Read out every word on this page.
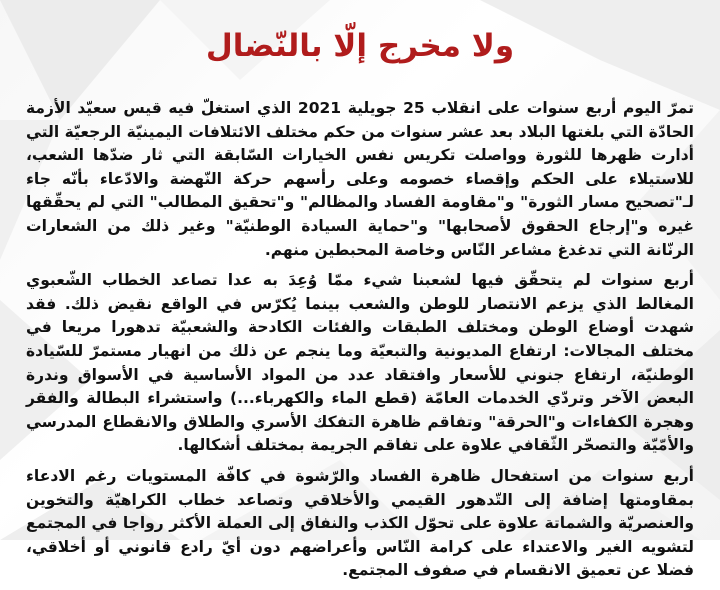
ولا مخرج إلّا بالنّضال

تمرّ اليوم أربع سنوات على انقلاب 25 جويلية 2021 الذي استغلّ فيه قيس سعيّد الأزمة الحادّة التي بلغتها البلاد بعد عشر سنوات من حكم مختلف الائتلافات اليمينيّة الرجعيّة التي أدارت ظهرها للثورة وواصلت تكريس نفس الخيارات السّابقة التي ثار ضدّها الشعب، للاستيلاء على الحكم وإقصاء خصومه وعلى رأسهم حركة النّهضة والادّعاء بأنّه جاء لـ"تصحيح مسار الثورة" و"مقاومة الفساد والمظالم" و"تحقيق المطالب" التي لم يحقّقها غيره و"إرجاع الحقوق لأصحابها" و"حماية السيادة الوطنيّة" وغير ذلك من الشعارات الرنّانة التي تدغدغ مشاعر النّاس وخاصة المحبطين منهم.

أربع سنوات لم يتحقّق فيها لشعبنا شيء ممّا وُعِدَ به عدا تصاعد الخطاب الشّعبوي المغالط الذي يزعم الانتصار للوطن والشعب بينما يُكرّس في الواقع نقيض ذلك. فقد شهدت أوضاع الوطن ومختلف الطبقات والفئات الكادحة والشعبيّة تدهورا مريعا في مختلف المجالات: ارتفاع المديونية والتبعيّة وما ينجم عن ذلك من انهيار مستمرّ للسّيادة الوطنيّة، ارتفاع جنوني للأسعار وافتقاد عدد من المواد الأساسية في الأسواق وندرة البعض الآخر وتردّي الخدمات العامّة (قطع الماء والكهرباء...) واستشراء البطالة والفقر وهجرة الكفاءات و"الحرقة" وتفاقم ظاهرة التفكك الأسري والطلاق والانقطاع المدرسي والأمّيّة والتصحّر الثّقافي علاوة على تفاقم الجريمة بمختلف أشكالها.

أربع سنوات من استفحال ظاهرة الفساد والرّشوة في كافّة المستويات رغم الادعاء بمقاومتها إضافة إلى التّدهور القيمي والأخلاقي وتصاعد خطاب الكراهيّة والتخوين والعنصريّة والشماتة علاوة على تحوّل الكذب والنفاق إلى العملة الأكثر رواجا في المجتمع لتشويه الغير والاعتداء على كرامة النّاس وأعراضهم دون أيّ رادع قانوني أو أخلاقي، فضلا عن تعميق الانقسام في صفوف المجتمع.
